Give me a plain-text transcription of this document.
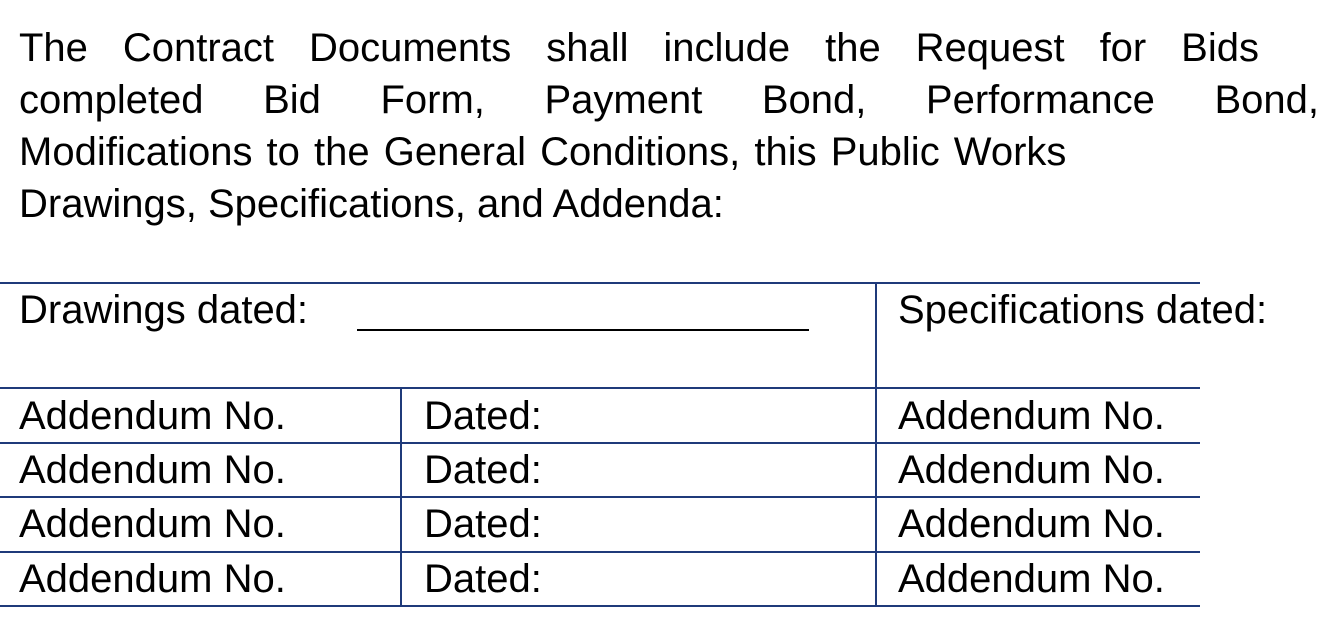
The Contract Documents shall include the Request for Bids

completed Bid Form, Payment Bond, Performance Bond,

Modifications to the General Conditions, this Public Works

Drawings, Specifications, and Addenda:

Drawings dated:	Specifications dated:
Addendum No.	Dated:	Addendum No.
Addendum No.	Dated:	Addendum No.
Addendum No.	Dated:	Addendum No.
Addendum No.	Dated:	Addendum No.
